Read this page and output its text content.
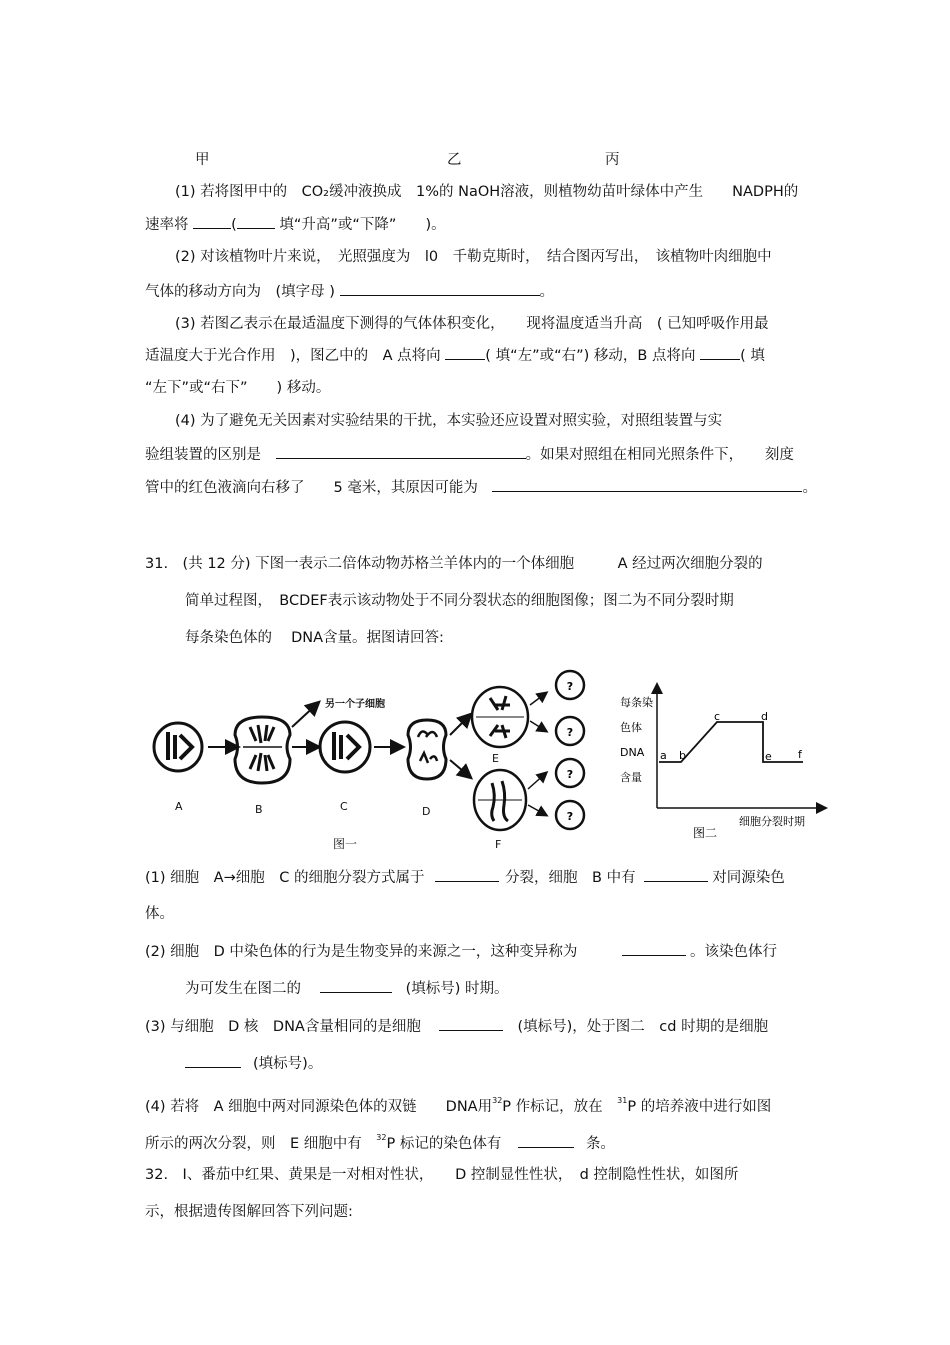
甲	乙	丙
(1) 若将图甲中的　CO₂缓冲液换成　1%的 NaOH溶液，则植物幼苗叶绿体中产生　　NADPH的
速率将	(	填“升高”或“下降”　　)。
(2) 对该植物叶片来说，　光照强度为　l0　千勒克斯时，　结合图丙写出，　该植物叶肉细胞中
气体的移动方向为　(填字母 )	。
(3) 若图乙表示在最适温度下测得的气体体积变化，　　现将温度适当升高　( 已知呼吸作用最
适温度大于光合作用　)，图乙中的　A 点将向	( 填“左”或“右”) 移动，B 点将向	( 填
“左下”或“右下”　　) 移动。
(4) 为了避免无关因素对实验结果的干扰，本实验还应设置对照实验，对照组装置与实
验组装置的区别是	。如果对照组在相同光照条件下，　　刻度
管中的红色液滴向右移了　　5 毫米，其原因可能为	。
31.　(共 12 分) 下图一表示二倍体动物苏格兰羊体内的一个体细胞　　　A 经过两次细胞分裂的
简单过程图，　BCDEF表示该动物处于不同分裂状态的细胞图像；图二为不同分裂时期
每条染色体的　 DNA含量。据图请回答:
另一个子细胞
E
F
?
?
?
?
A	B	C	D
图一
每条染
色体
DNA
含量
a b
c	d
e f
细胞分裂时期
图二
(1) 细胞　A→细胞　C 的细胞分裂方式属于	分裂，细胞　B 中有	对同源染色
体。
(2) 细胞　D 中染色体的行为是生物变异的来源之一，这种变异称为	。该染色体行
为可发生在图二的	(填标号) 时期。
(3) 与细胞　D 核　DNA含量相同的是细胞	(填标号)，处于图二　cd 时期的是细胞
(填标号)。
(4) 若将　A 细胞中两对同源染色体的双链　　DNA用$^{32}$P 作标记，放在　$^{31}$P 的培养液中进行如图
所示的两次分裂，则　E 细胞中有　$^{32}$P 标记的染色体有	条。
32.　Ⅰ、番茄中红果、黄果是一对相对性状，　　D 控制显性性状，　d 控制隐性性状，如图所
示，根据遗传图解回答下列问题:
